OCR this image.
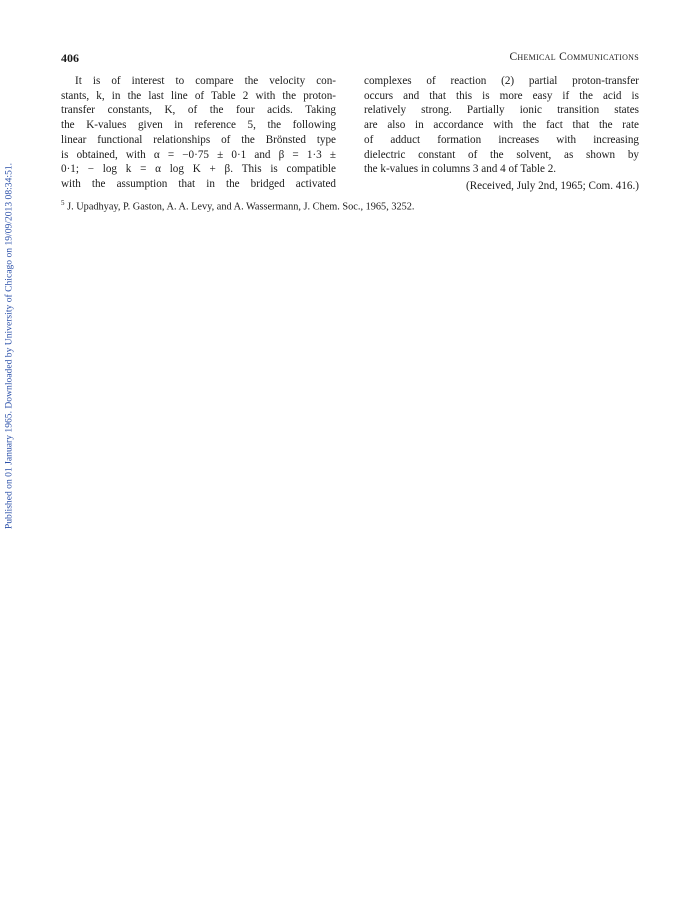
Published on 01 January 1965. Downloaded by University of Chicago on 19/09/2013 08:34:51.
406	Chemical Communications
It is of interest to compare the velocity con-
stants, k, in the last line of Table 2 with the proton-
transfer constants, K, of the four acids. Taking
the K-values given in reference 5, the following
linear functional relationships of the Brönsted type
is obtained, with α = −0·75 ± 0·1 and β = 1·3 ±
0·1; − log k = α log K + β. This is compatible
with the assumption that in the bridged activated
complexes of reaction (2) partial proton-transfer
occurs and that this is more easy if the acid is
relatively strong. Partially ionic transition states
are also in accordance with the fact that the rate
of adduct formation increases with increasing
dielectric constant of the solvent, as shown by
the k-values in columns 3 and 4 of Table 2.
(Received, July 2nd, 1965; Com. 416.)
$^5$ J. Upadhyay, P. Gaston, A. A. Levy, and A. Wassermann, J. Chem. Soc., 1965, 3252.
